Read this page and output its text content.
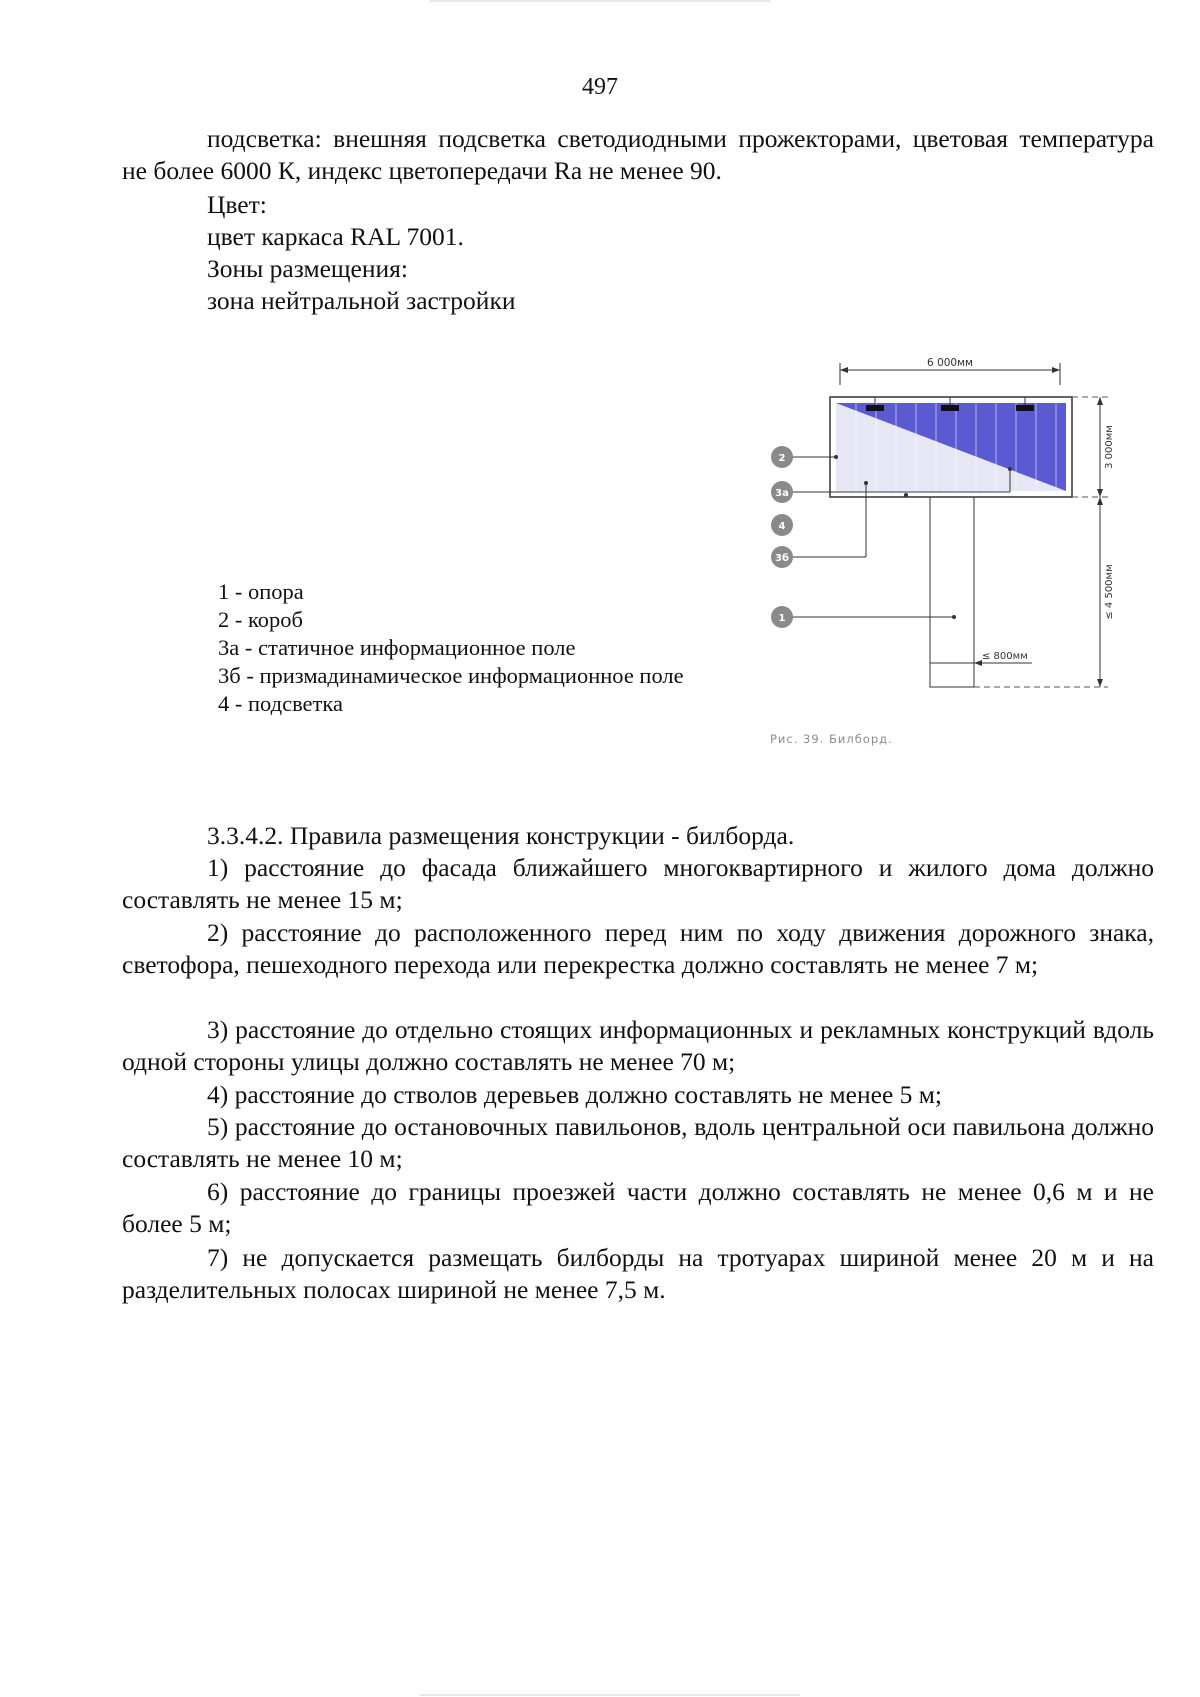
497
подсветка: внешняя подсветка светодиодными прожекторами, цветовая температура не более 6000 К, индекс цветопередачи Ra не менее 90.
Цвет:
цвет каркаса RAL 7001.
Зоны размещения:
зона нейтральной застройки
1 - опора
2 - короб
3а - статичное информационное поле
3б - призмадинамическое информационное поле
4 - подсветка
6 000мм
3 000мм
≤ 4 500мм
≤ 800мм
2
3а
4
3б
1
Рис. 39. Билборд.
3.3.4.2. Правила размещения конструкции - билборда.
1) расстояние до фасада ближайшего многоквартирного и жилого дома должно составлять не менее 15 м;
2) расстояние до расположенного перед ним по ходу движения дорожного знака, светофора, пешеходного перехода или перекрестка должно составлять не менее 7 м;
3) расстояние до отдельно стоящих информационных и рекламных конструкций вдоль одной стороны улицы должно составлять не менее 70 м;
4) расстояние до стволов деревьев должно составлять не менее 5 м;
5) расстояние до остановочных павильонов, вдоль центральной оси павильона должно составлять не менее 10 м;
6) расстояние до границы проезжей части должно составлять не менее 0,6 м и не более 5 м;
7) не допускается размещать билборды на тротуарах шириной менее 20 м и на разделительных полосах шириной не менее 7,5 м.
